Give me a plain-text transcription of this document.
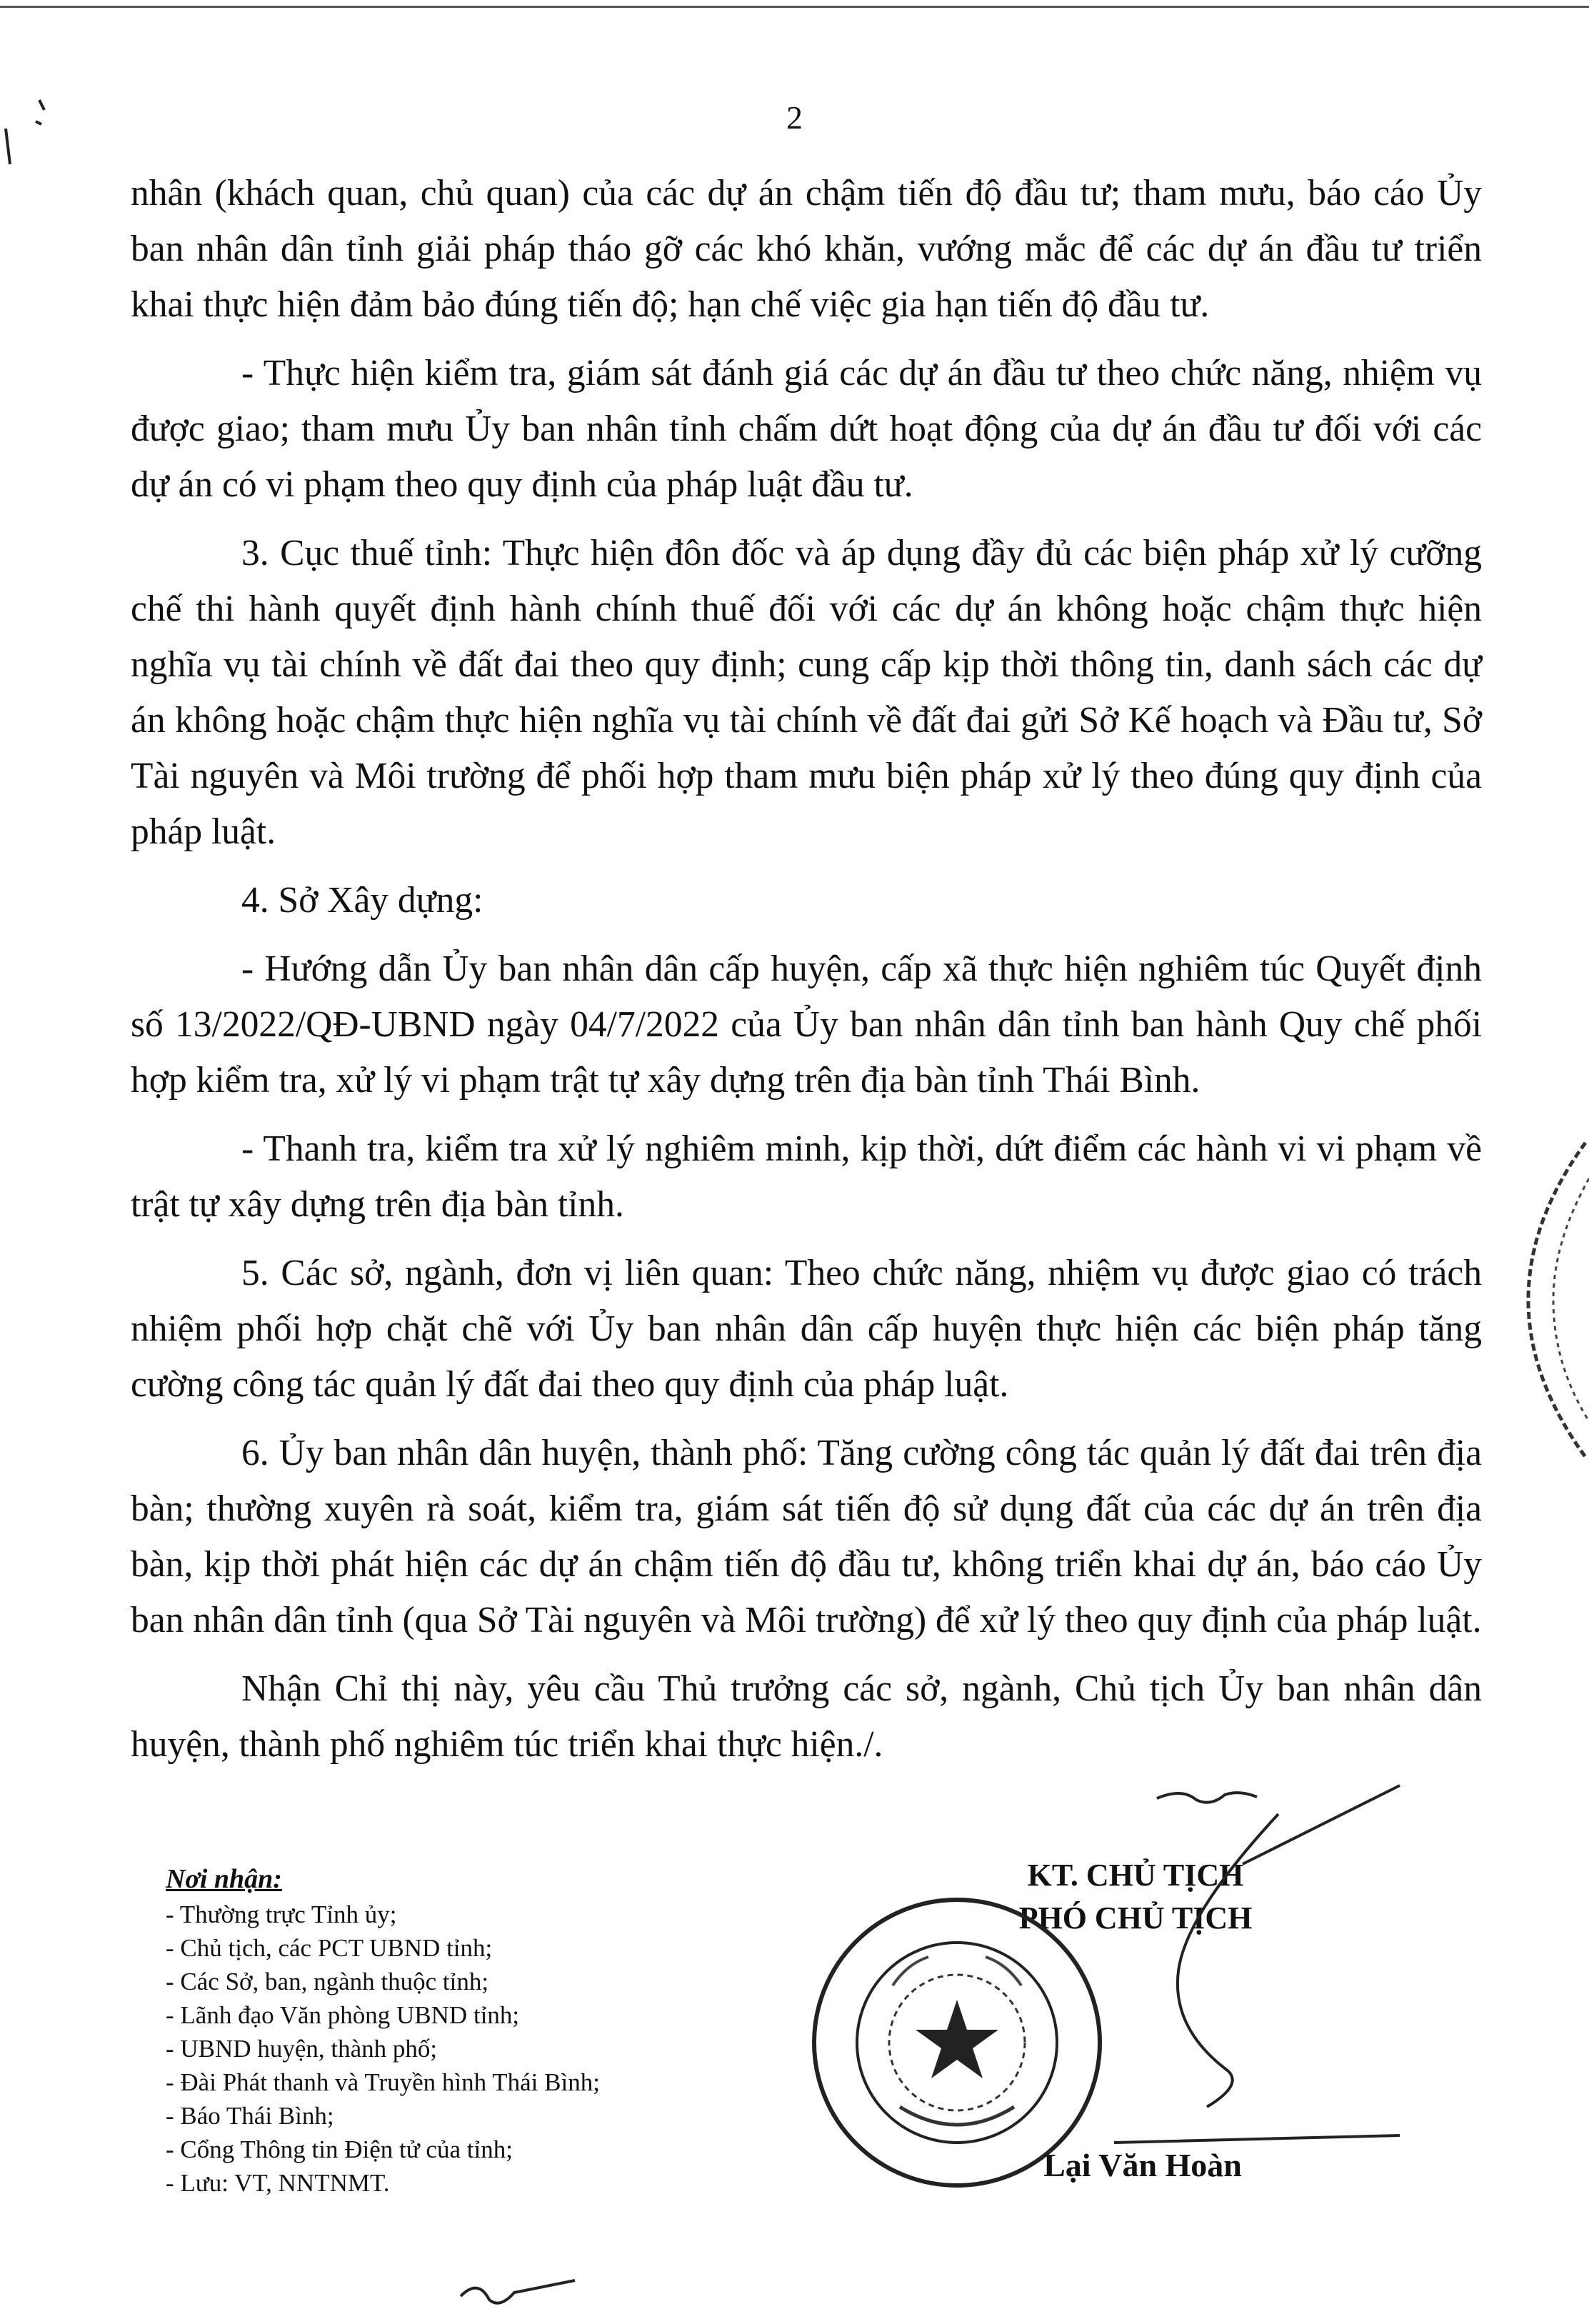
2

nhân (khách quan, chủ quan) của các dự án chậm tiến độ đầu tư; tham mưu, báo cáo Ủy ban nhân dân tỉnh giải pháp tháo gỡ các khó khăn, vướng mắc để các dự án đầu tư triển khai thực hiện đảm bảo đúng tiến độ; hạn chế việc gia hạn tiến độ đầu tư.

- Thực hiện kiểm tra, giám sát đánh giá các dự án đầu tư theo chức năng, nhiệm vụ được giao; tham mưu Ủy ban nhân tỉnh chấm dứt hoạt động của dự án đầu tư đối với các dự án có vi phạm theo quy định của pháp luật đầu tư.

3. Cục thuế tỉnh: Thực hiện đôn đốc và áp dụng đầy đủ các biện pháp xử lý cưỡng chế thi hành quyết định hành chính thuế đối với các dự án không hoặc chậm thực hiện nghĩa vụ tài chính về đất đai theo quy định; cung cấp kịp thời thông tin, danh sách các dự án không hoặc chậm thực hiện nghĩa vụ tài chính về đất đai gửi Sở Kế hoạch và Đầu tư, Sở Tài nguyên và Môi trường để phối hợp tham mưu biện pháp xử lý theo đúng quy định của pháp luật.

4. Sở Xây dựng:

- Hướng dẫn Ủy ban nhân dân cấp huyện, cấp xã thực hiện nghiêm túc Quyết định số 13/2022/QĐ-UBND ngày 04/7/2022 của Ủy ban nhân dân tỉnh ban hành Quy chế phối hợp kiểm tra, xử lý vi phạm trật tự xây dựng trên địa bàn tỉnh Thái Bình.

- Thanh tra, kiểm tra xử lý nghiêm minh, kịp thời, dứt điểm các hành vi vi phạm về trật tự xây dựng trên địa bàn tỉnh.

5. Các sở, ngành, đơn vị liên quan: Theo chức năng, nhiệm vụ được giao có trách nhiệm phối hợp chặt chẽ với Ủy ban nhân dân cấp huyện thực hiện các biện pháp tăng cường công tác quản lý đất đai theo quy định của pháp luật.

6. Ủy ban nhân dân huyện, thành phố: Tăng cường công tác quản lý đất đai trên địa bàn; thường xuyên rà soát, kiểm tra, giám sát tiến độ sử dụng đất của các dự án trên địa bàn, kịp thời phát hiện các dự án chậm tiến độ đầu tư, không triển khai dự án, báo cáo Ủy ban nhân dân tỉnh (qua Sở Tài nguyên và Môi trường) để xử lý theo quy định của pháp luật.

Nhận Chỉ thị này, yêu cầu Thủ trưởng các sở, ngành, Chủ tịch Ủy ban nhân dân huyện, thành phố nghiêm túc triển khai thực hiện./.

Nơi nhận:
- Thường trực Tỉnh ủy;
- Chủ tịch, các PCT UBND tỉnh;
- Các Sở, ban, ngành thuộc tỉnh;
- Lãnh đạo Văn phòng UBND tỉnh;
- UBND huyện, thành phố;
- Đài Phát thanh và Truyền hình Thái Bình;
- Báo Thái Bình;
- Cổng Thông tin Điện tử của tỉnh;
- Lưu: VT, NNTNMT.
KT. CHỦ TỊCH
PHÓ CHỦ TỊCH
Lại Văn Hoàn
